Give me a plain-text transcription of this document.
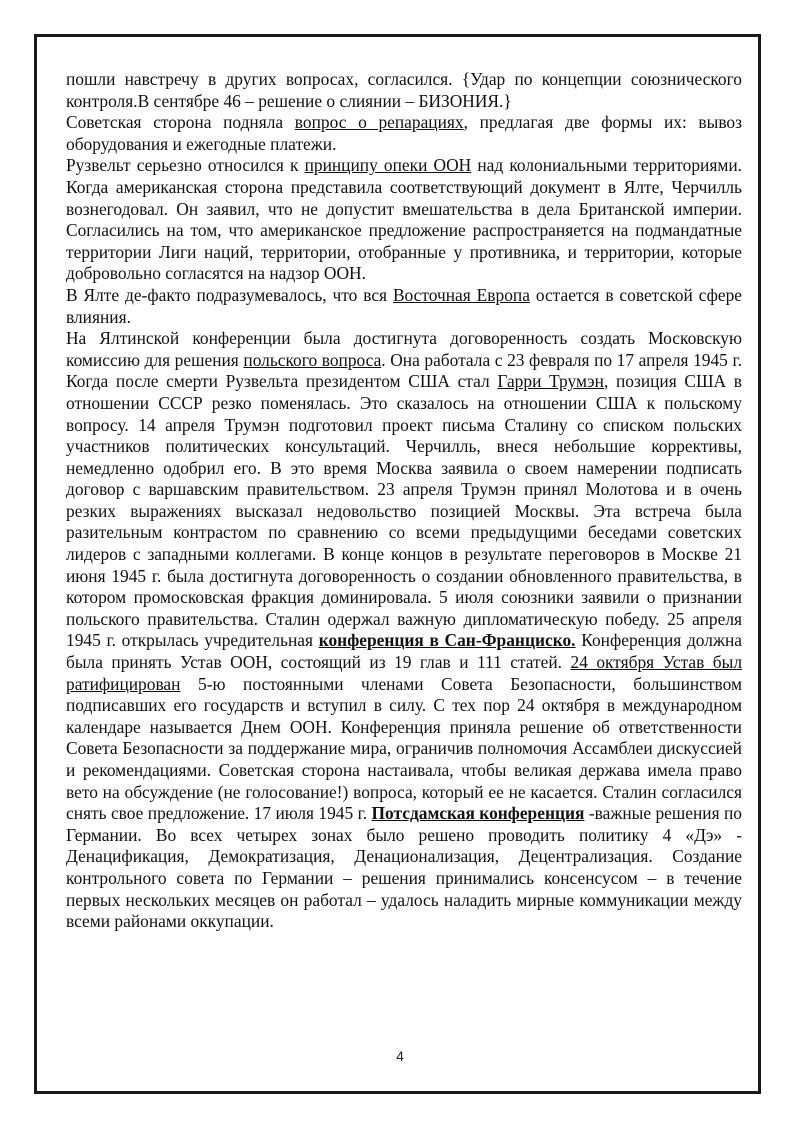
пошли навстречу в других вопросах, согласился. {Удар по концепции союзнического контроля.В сентябре 46 – решение о слиянии – БИЗОНИЯ.}

Советская сторона подняла вопрос о репарациях, предлагая две формы их: вывоз оборудования и ежегодные платежи.

Рузвельт серьезно относился к принципу опеки ООН над колониальными территориями. Когда американская сторона представила соответствующий документ в Ялте, Черчилль вознегодовал. Он заявил, что не допустит вмешательства в дела Британской империи. Согласились на том, что американское предложение распространяется на подмандатные территории Лиги наций, территории, отобранные у противника, и территории, которые добровольно согласятся на надзор ООН.

В Ялте де-факто подразумевалось, что вся Восточная Европа остается в советской сфере влияния.

На Ялтинской конференции была достигнута договоренность создать Московскую комиссию для решения польского вопроса. Она работала с 23 февраля по 17 апреля 1945 г. Когда после смерти Рузвельта президентом США стал Гарри Трумэн, позиция США в отношении СССР резко поменялась. Это сказалось на отношении США к польскому вопросу. 14 апреля Трумэн подготовил проект письма Сталину со списком польских участников политических консультаций. Черчилль, внеся небольшие коррективы, немедленно одобрил его. В это время Москва заявила о своем намерении подписать договор с варшавским правительством. 23 апреля Трумэн принял Молотова и в очень резких выражениях высказал недовольство позицией Москвы. Эта встреча была разительным контрастом по сравнению со всеми предыдущими беседами советских лидеров с западными коллегами. В конце концов в результате переговоров в Москве 21 июня 1945 г. была достигнута договоренность о создании обновленного правительства, в котором промосковская фракция доминировала. 5 июля союзники заявили о признании польского правительства. Сталин одержал важную дипломатическую победу. 25 апреля 1945 г. открылась учредительная конференция в Сан-Франциско. Конференция должна была принять Устав ООН, состоящий из 19 глав и 111 статей. 24 октября Устав был ратифицирован 5-ю постоянными членами Совета Безопасности, большинством подписавших его государств и вступил в силу. С тех пор 24 октября в международном календаре называется Днем ООН. Конференция приняла решение об ответственности Совета Безопасности за поддержание мира, ограничив полномочия Ассамблеи дискуссией и рекомендациями. Советская сторона настаивала, чтобы великая держава имела право вето на обсуждение (не голосование!) вопроса, который ее не касается. Сталин согласился снять свое предложение. 17 июля 1945 г. Потсдамская конференция -важные решения по Германии. Во всех четырех зонах было решено проводить политику 4 «Дэ» - Денацификация, Демократизация, Денационализация, Децентрализация. Создание контрольного совета по Германии – решения принимались консенсусом – в течение первых нескольких месяцев он работал – удалось наладить мирные коммуникации между всеми районами оккупации.

4
